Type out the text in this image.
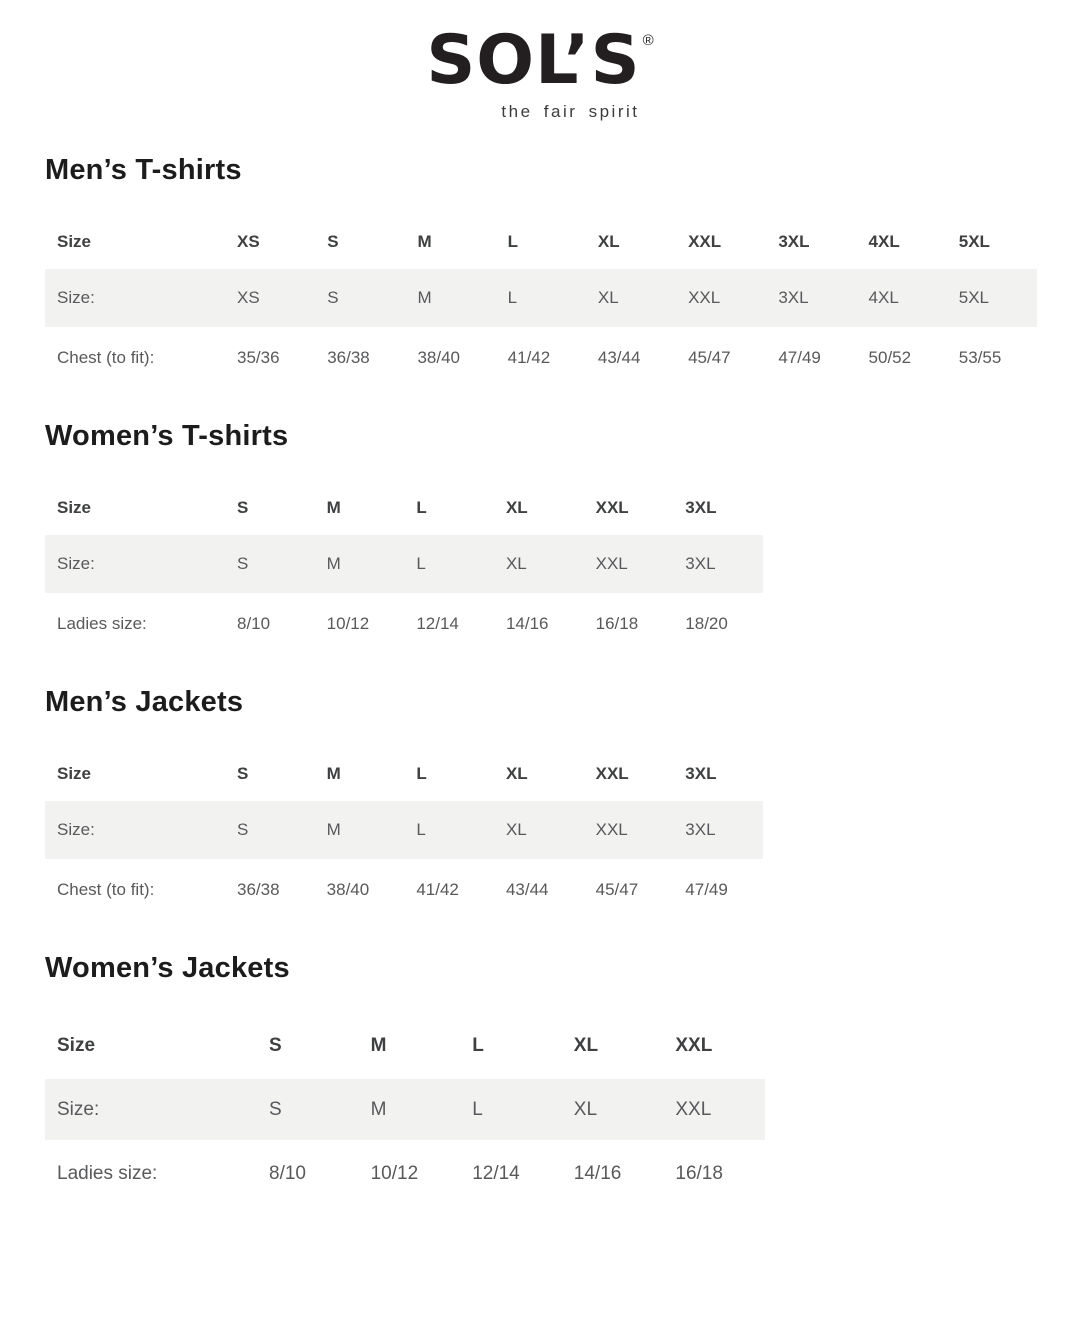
SOL’S ®
the fair spirit
Men’s T-shirts
Size	XS	S	M	L	XL	XXL	3XL	4XL	5XL
Size:	XS	S	M	L	XL	XXL	3XL	4XL	5XL
Chest (to fit):	35/36	36/38	38/40	41/42	43/44	45/47	47/49	50/52	53/55
Women’s T-shirts
Size	S	M	L	XL	XXL	3XL
Size:	S	M	L	XL	XXL	3XL
Ladies size:	8/10	10/12	12/14	14/16	16/18	18/20
Men’s Jackets
Size	S	M	L	XL	XXL	3XL
Size:	S	M	L	XL	XXL	3XL
Chest (to fit):	36/38	38/40	41/42	43/44	45/47	47/49
Women’s Jackets
Size	S	M	L	XL	XXL
Size:	S	M	L	XL	XXL
Ladies size:	8/10	10/12	12/14	14/16	16/18
